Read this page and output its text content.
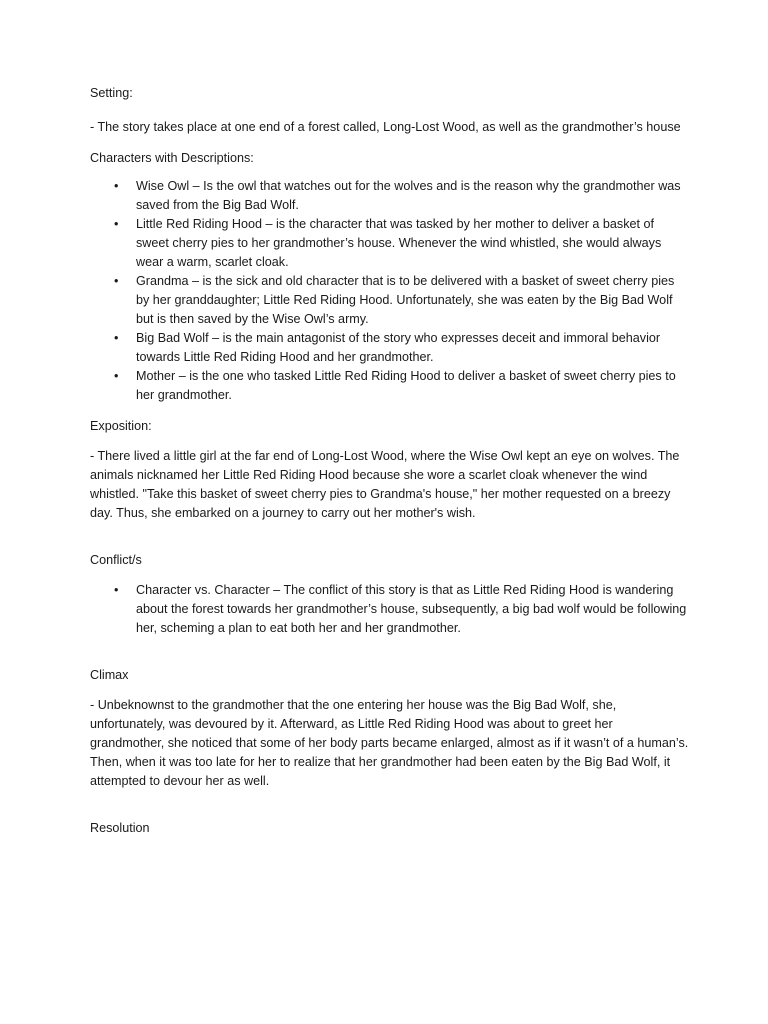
Setting:

- The story takes place at one end of a forest called, Long-Lost Wood, as well as the grandmother’s house

Characters with Descriptions:

• Wise Owl – Is the owl that watches out for the wolves and is the reason why the grandmother was saved from the Big Bad Wolf.
• Little Red Riding Hood – is the character that was tasked by her mother to deliver a basket of sweet cherry pies to her grandmother’s house. Whenever the wind whistled, she would always wear a warm, scarlet cloak.
• Grandma – is the sick and old character that is to be delivered with a basket of sweet cherry pies by her granddaughter; Little Red Riding Hood. Unfortunately, she was eaten by the Big Bad Wolf but is then saved by the Wise Owl’s army.
• Big Bad Wolf – is the main antagonist of the story who expresses deceit and immoral behavior towards Little Red Riding Hood and her grandmother.
• Mother – is the one who tasked Little Red Riding Hood to deliver a basket of sweet cherry pies to her grandmother.

Exposition:

- There lived a little girl at the far end of Long-Lost Wood, where the Wise Owl kept an eye on wolves. The animals nicknamed her Little Red Riding Hood because she wore a scarlet cloak whenever the wind whistled. "Take this basket of sweet cherry pies to Grandma's house," her mother requested on a breezy day. Thus, she embarked on a journey to carry out her mother's wish.

Conflict/s

• Character vs. Character – The conflict of this story is that as Little Red Riding Hood is wandering about the forest towards her grandmother’s house, subsequently, a big bad wolf would be following her, scheming a plan to eat both her and her grandmother.

Climax

- Unbeknownst to the grandmother that the one entering her house was the Big Bad Wolf, she, unfortunately, was devoured by it. Afterward, as Little Red Riding Hood was about to greet her grandmother, she noticed that some of her body parts became enlarged, almost as if it wasn’t of a human’s. Then, when it was too late for her to realize that her grandmother had been eaten by the Big Bad Wolf, it attempted to devour her as well.

Resolution
